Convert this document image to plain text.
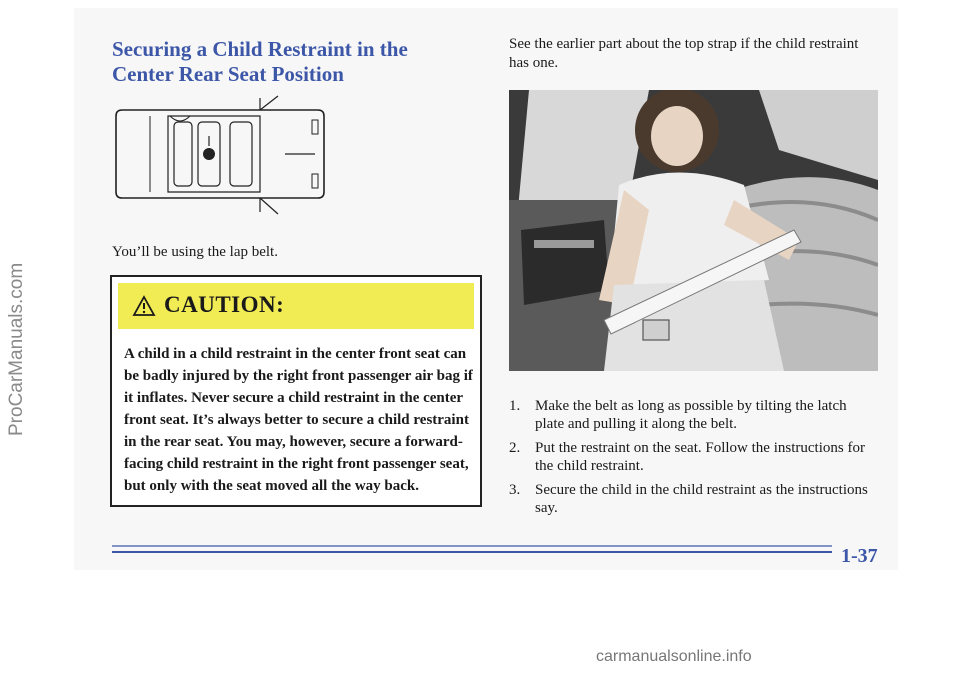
ProCarManuals.com
Securing a Child Restraint in the Center Rear Seat Position
You’ll be using the lap belt.
CAUTION:
A child in a child restraint in the center front seat can be badly injured by the right front passenger air bag if it inflates. Never secure a child restraint in the center front seat. It’s always better to secure a child restraint in the rear seat. You may, however, secure a forward-facing child restraint in the right front passenger seat, but only with the seat moved all the way back.
See the earlier part about the top strap if the child restraint has one.
1. Make the belt as long as possible by tilting the latch plate and pulling it along the belt.
2. Put the restraint on the seat. Follow the instructions for the child restraint.
3. Secure the child in the child restraint as the instructions say.
1-37
carmanualsonline.info
